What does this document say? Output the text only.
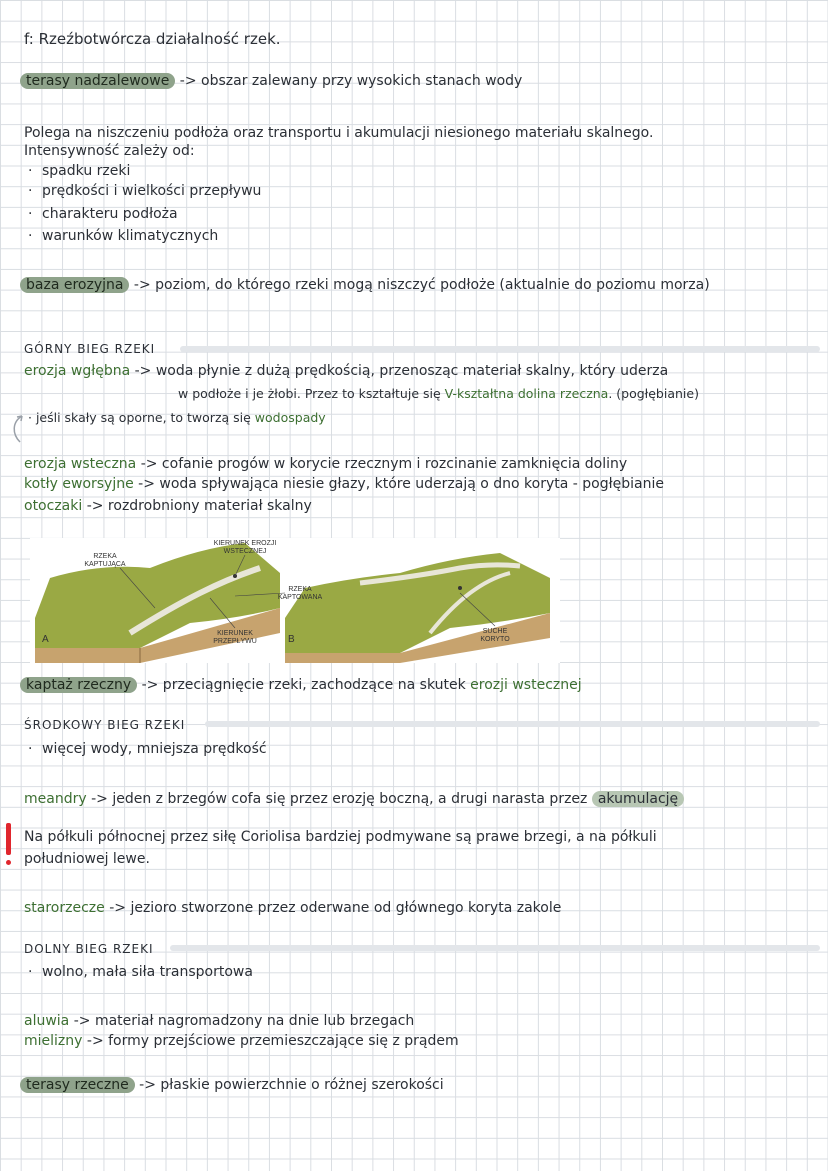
f: Rzeźbotwórcza działalność rzek.
terasy nadzalewowe -> obszar zalewany przy wysokich stanach wody
Polega na niszczeniu podłoża oraz transportu i akumulacji niesionego materiału skalnego.
Intensywność zależy od:
· spadku rzeki
· prędkości i wielkości przepływu
· charakteru podłoża
· warunków klimatycznych
baza erozyjna -> poziom, do którego rzeki mogą niszczyć podłoże (aktualnie do poziomu morza)
GÓRNY BIEG RZEKI
erozja wgłębna -> woda płynie z dużą prędkością, przenosząc materiał skalny, który uderza
w podłoże i je żłobi. Przez to kształtuje się V-kształtna dolina rzeczna. (pogłębianie)
· jeśli skały są oporne, to tworzą się wodospady
erozja wsteczna -> cofanie progów w korycie rzecznym i rozcinanie zamknięcia doliny
kotły eworsyjne -> woda spływająca niesie głazy, które uderzają o dno koryta - pogłębianie
otoczaki -> rozdrobniony materiał skalny
RZEKA
KAPTUJĄCA
KIERUNEK EROZJI
WSTECZNEJ
RZEKA
KAPTOWANA
KIERUNEK
PRZEPŁYWU
SUCHE
KORYTO
A	B
kaptaż rzeczny -> przeciągnięcie rzeki, zachodzące na skutek erozji wstecznej
ŚRODKOWY BIEG RZEKI
· więcej wody, mniejsza prędkość
meandry -> jeden z brzegów cofa się przez erozję boczną, a drugi narasta przez akumulację
Na półkuli północnej przez siłę Coriolisa bardziej podmywane są prawe brzegi, a na półkuli
południowej lewe.
starorzecze -> jezioro stworzone przez oderwane od głównego koryta zakole
DOLNY BIEG RZEKI
· wolno, mała siła transportowa
aluwia -> materiał nagromadzony na dnie lub brzegach
mielizny -> formy przejściowe przemieszczające się z prądem
terasy rzeczne -> płaskie powierzchnie o różnej szerokości
